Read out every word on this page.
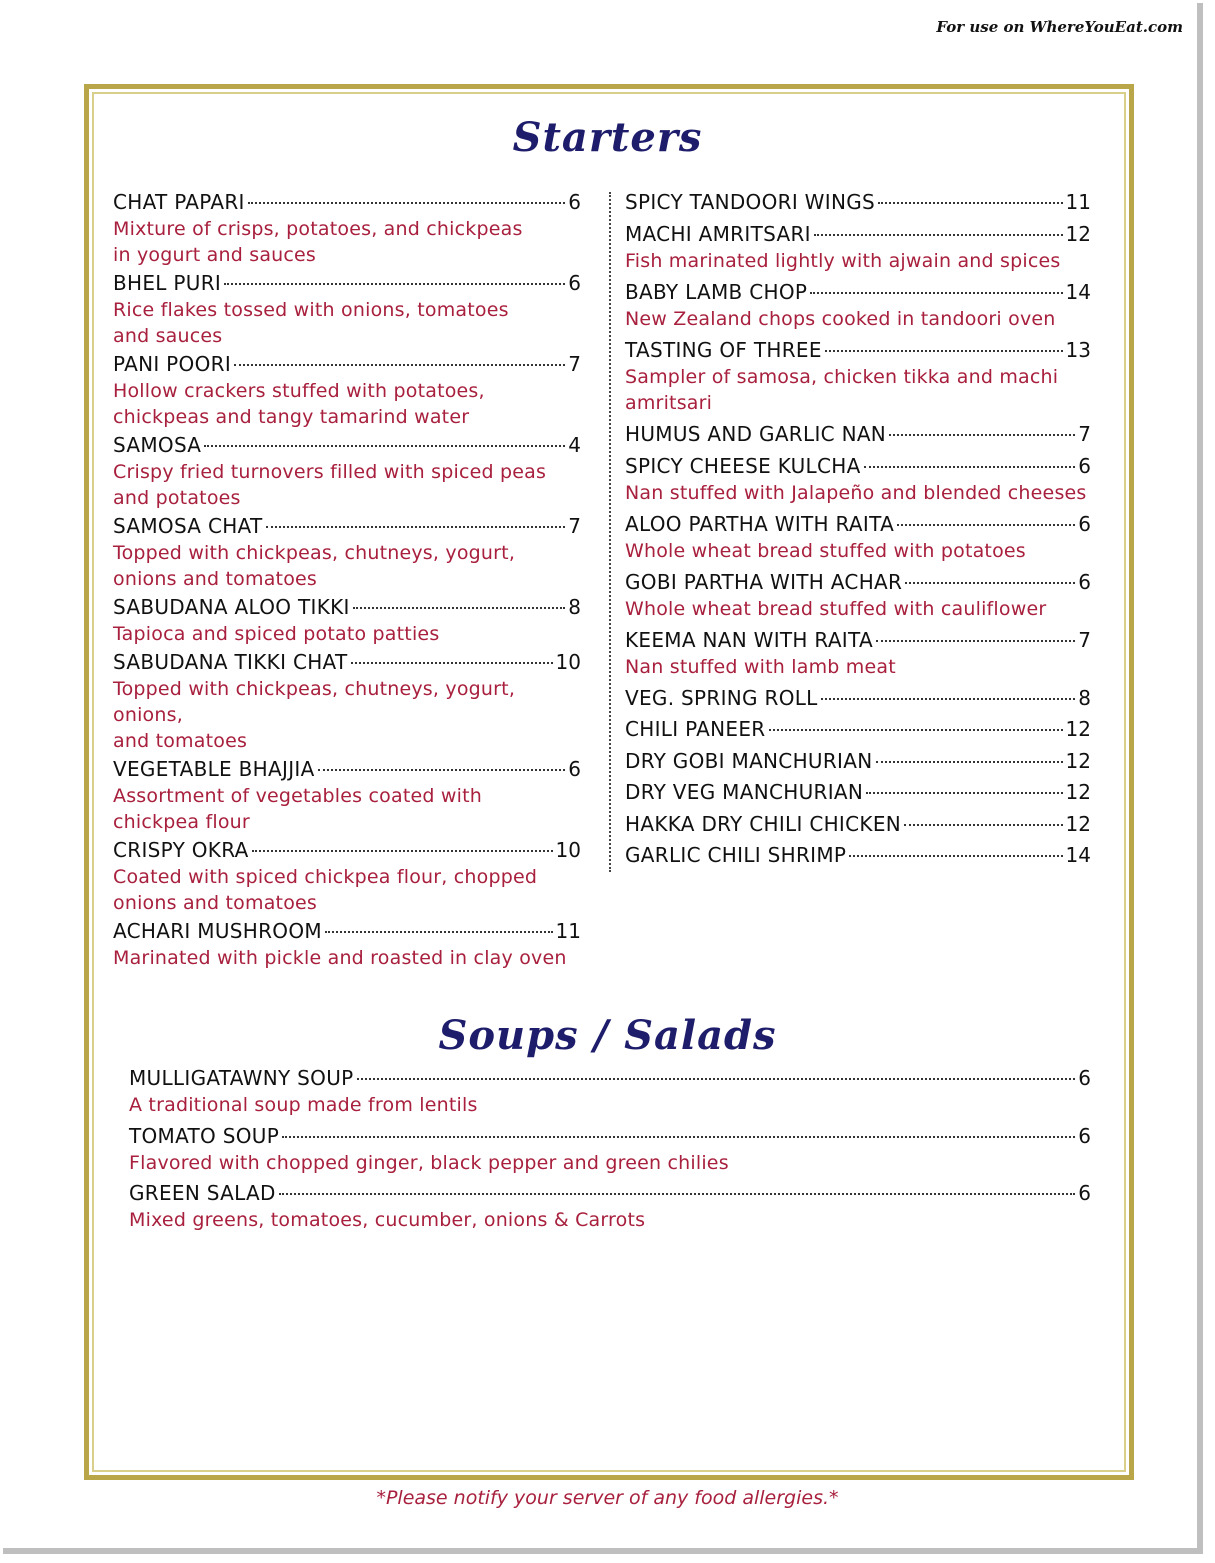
For use on WhereYouEat.com
Starters
CHAT PAPARI	6
Mixture of crisps, potatoes, and chickpeas
in yogurt and sauces
BHEL PURI	6
Rice flakes tossed with onions, tomatoes
and sauces
PANI POORI	7
Hollow crackers stuffed with potatoes,
chickpeas and tangy tamarind water
SAMOSA	4
Crispy fried turnovers filled with spiced peas
and potatoes
SAMOSA CHAT	7
Topped with chickpeas, chutneys, yogurt,
onions and tomatoes
SABUDANA ALOO TIKKI	8
Tapioca and spiced potato patties
SABUDANA TIKKI CHAT	10
Topped with chickpeas, chutneys, yogurt, onions,
and tomatoes
VEGETABLE BHAJJIA	6
Assortment of vegetables coated with
chickpea flour
CRISPY OKRA	10
Coated with spiced chickpea flour, chopped
onions and tomatoes
ACHARI MUSHROOM	11
Marinated with pickle and roasted in clay oven
SPICY TANDOORI WINGS	11
MACHI AMRITSARI	12
Fish marinated lightly with ajwain and spices
BABY LAMB CHOP	14
New Zealand chops cooked in tandoori oven
TASTING OF THREE	13
Sampler of samosa, chicken tikka and machi
amritsari
HUMUS AND GARLIC NAN	7
SPICY CHEESE KULCHA	6
Nan stuffed with Jalapeño and blended cheeses
ALOO PARTHA WITH RAITA	6
Whole wheat bread stuffed with potatoes
GOBI PARTHA WITH ACHAR	6
Whole wheat bread stuffed with cauliflower
KEEMA NAN WITH RAITA	7
Nan stuffed with lamb meat
VEG. SPRING ROLL	8
CHILI PANEER	12
DRY GOBI MANCHURIAN	12
DRY VEG MANCHURIAN	12
HAKKA DRY CHILI CHICKEN	12
GARLIC CHILI SHRIMP	14
Soups / Salads
MULLIGATAWNY SOUP	6
A traditional soup made from lentils
TOMATO SOUP	6
Flavored with chopped ginger, black pepper and green chilies
GREEN SALAD	6
Mixed greens, tomatoes, cucumber, onions & Carrots
*Please notify your server of any food allergies.*
